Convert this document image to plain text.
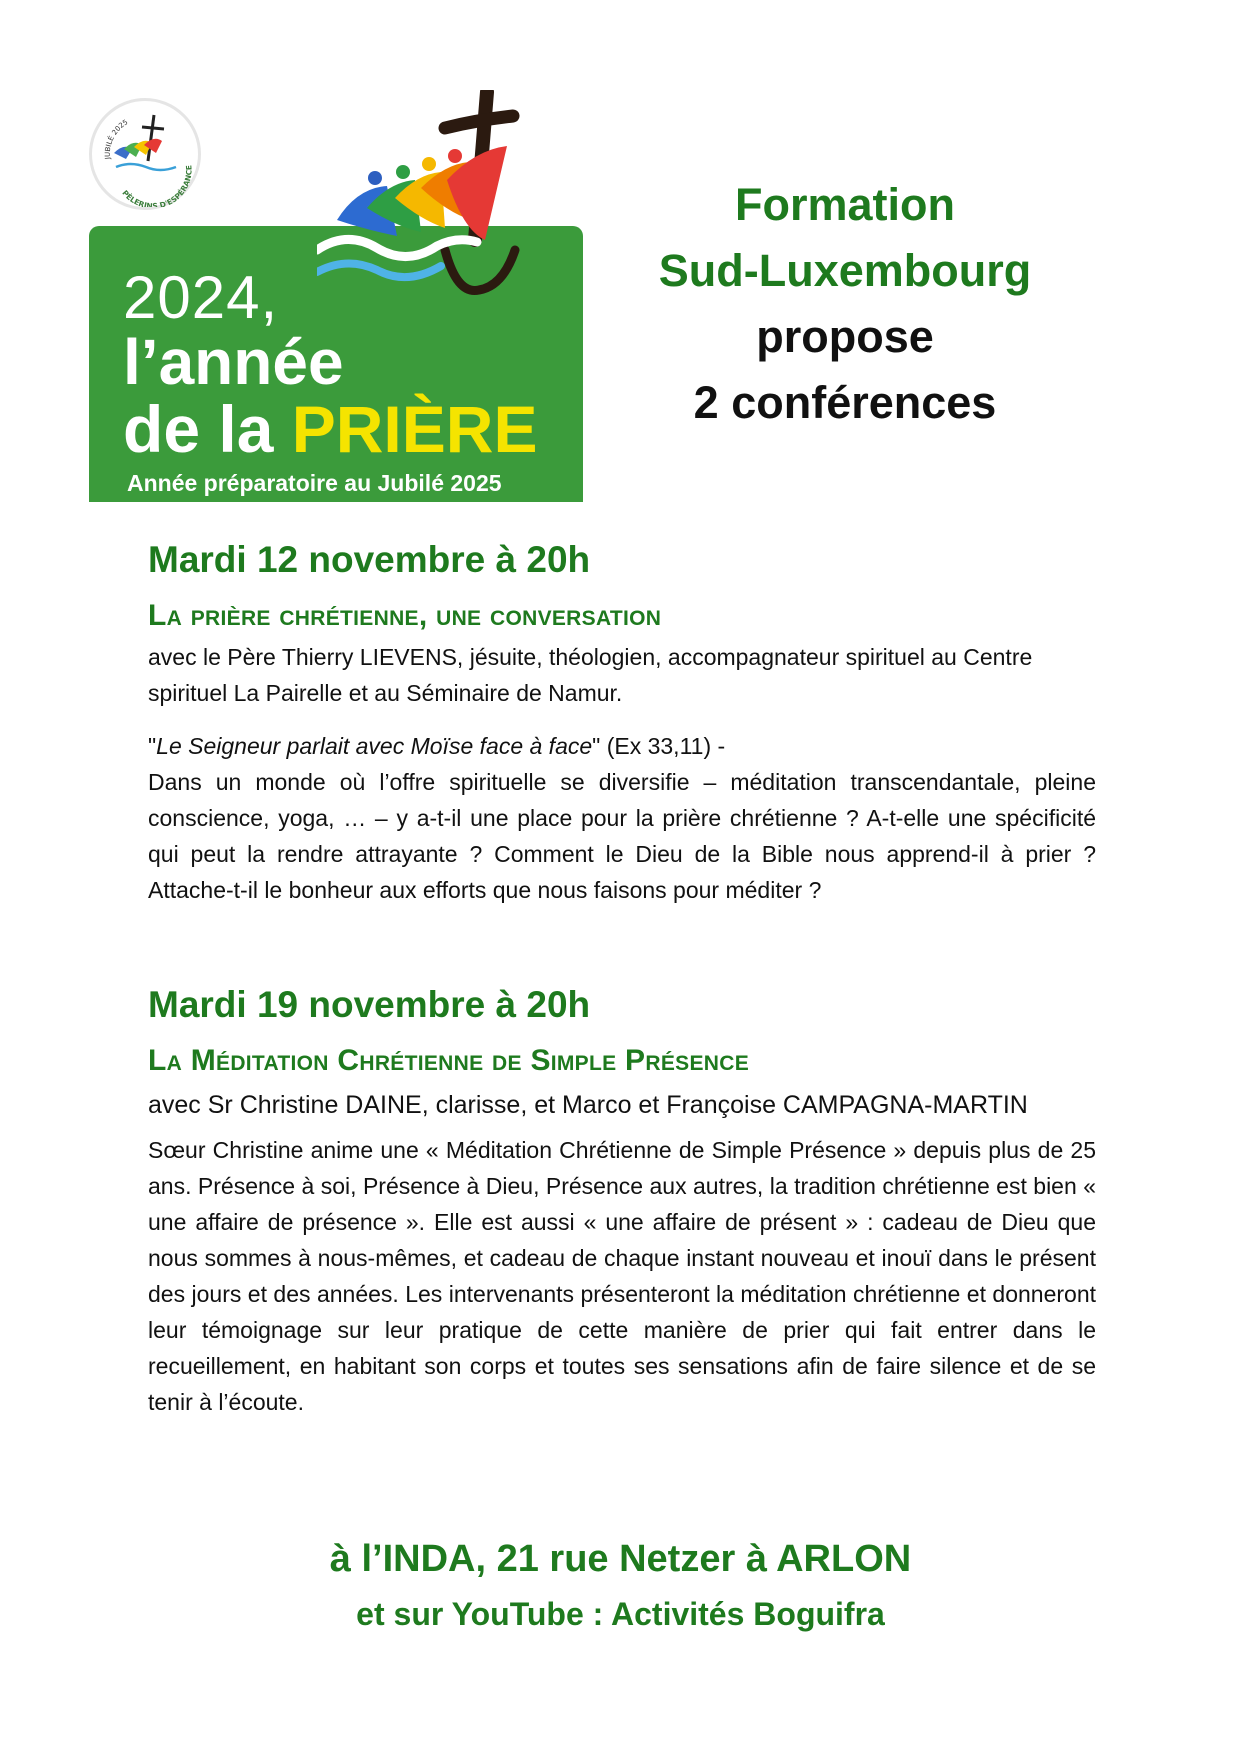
JUBILÉ 2025
PÈLERINS D'ESPÉRANCE
2024,
l’année
de la PRIÈRE
Année préparatoire au Jubilé 2025
Formation
Sud-Luxembourg
propose
2 conférences
Mardi 12 novembre à 20h
La prière chrétienne, une conversation
avec le Père Thierry LIEVENS, jésuite, théologien, accompagnateur spirituel au Centre spirituel La Pairelle et au Séminaire de Namur.
"Le Seigneur parlait avec Moïse face à face" (Ex 33,11) -
Dans un monde où l’offre spirituelle se diversifie – méditation transcendantale, pleine conscience, yoga, … – y a-t-il une place pour la prière chrétienne ? A-t-elle une spécificité qui peut la rendre attrayante ? Comment le Dieu de la Bible nous apprend-il à prier ? Attache-t-il le bonheur aux efforts que nous faisons pour méditer ?
Mardi 19 novembre à 20h
La Méditation Chrétienne de Simple Présence
avec Sr Christine DAINE, clarisse, et Marco et Françoise CAMPAGNA-MARTIN
Sœur Christine anime une « Méditation Chrétienne de Simple Présence » depuis plus de 25 ans. Présence à soi, Présence à Dieu, Présence aux autres, la tradition chrétienne est bien « une affaire de présence ». Elle est aussi « une affaire de présent » : cadeau de Dieu que nous sommes à nous-mêmes, et cadeau de chaque instant nouveau et inouï dans le présent des jours et des années. Les intervenants présenteront la méditation chrétienne et donneront leur témoignage sur leur pratique de cette manière de prier qui fait entrer dans le recueillement, en habitant son corps et toutes ses sensations afin de faire silence et de se tenir à l’écoute.
à l’INDA, 21 rue Netzer à ARLON
et sur YouTube : Activités Boguifra
